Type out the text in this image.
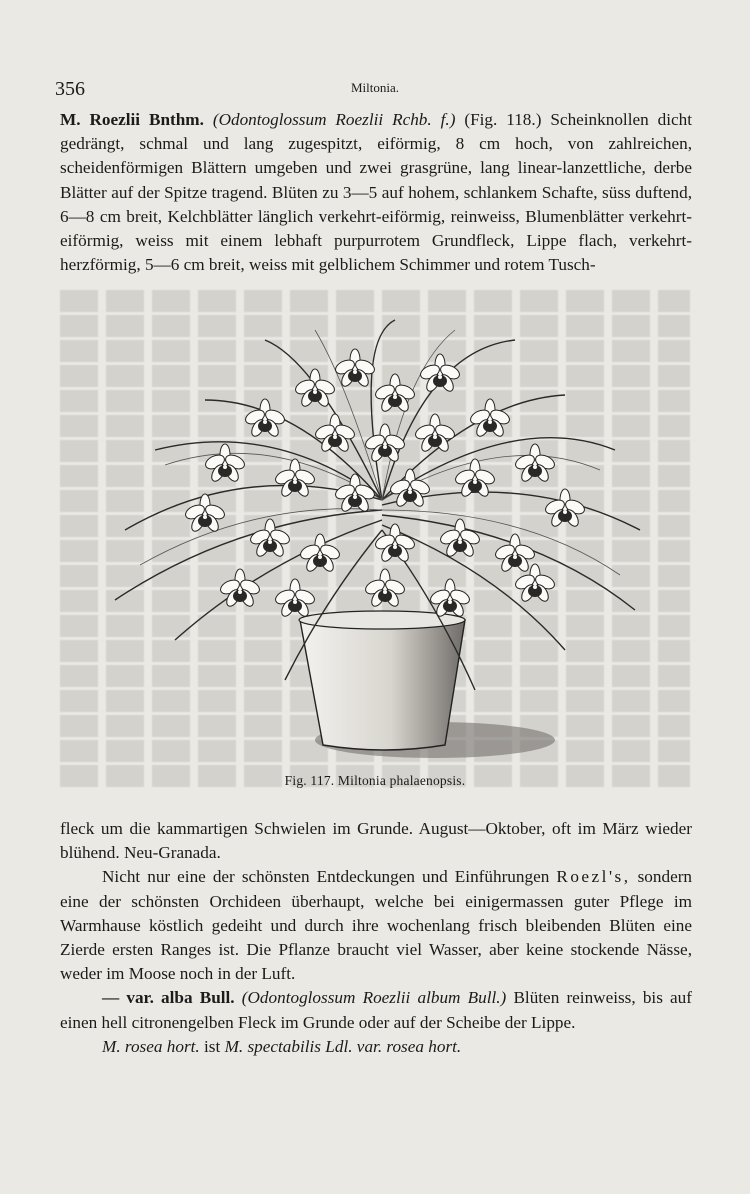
356	Miltonia.
M. Roezlii Bnthm. (Odontoglossum Roezlii Rchb. f.) (Fig. 118.) Scheinknollen dicht gedrängt, schmal und lang zugespitzt, eiförmig, 8 cm hoch, von zahlreichen, scheidenförmigen Blättern umgeben und zwei grasgrüne, lang linear-lanzettliche, derbe Blätter auf der Spitze tragend. Blüten zu 3—5 auf hohem, schlankem Schafte, süss duftend, 6—8 cm breit, Kelchblätter länglich verkehrt-eiförmig, reinweiss, Blumenblätter verkehrt-eiförmig, weiss mit einem lebhaft purpurrotem Grundfleck, Lippe flach, verkehrt-herzförmig, 5—6 cm breit, weiss mit gelblichem Schimmer und rotem Tusch-
Fig. 117. Miltonia phalaenopsis.
fleck um die kammartigen Schwielen im Grunde. August—Oktober, oft im März wieder blühend. Neu-Granada.
Nicht nur eine der schönsten Entdeckungen und Einführungen Roezl's, sondern eine der schönsten Orchideen überhaupt, welche bei einigermassen guter Pflege im Warmhause köstlich gedeiht und durch ihre wochenlang frisch bleibenden Blüten eine Zierde ersten Ranges ist. Die Pflanze braucht viel Wasser, aber keine stockende Nässe, weder im Moose noch in der Luft.
— var. alba Bull. (Odontoglossum Roezlii album Bull.) Blüten reinweiss, bis auf einen hell citronengelben Fleck im Grunde oder auf der Scheibe der Lippe.

M. rosea hort. ist M. spectabilis Ldl. var. rosea hort.
